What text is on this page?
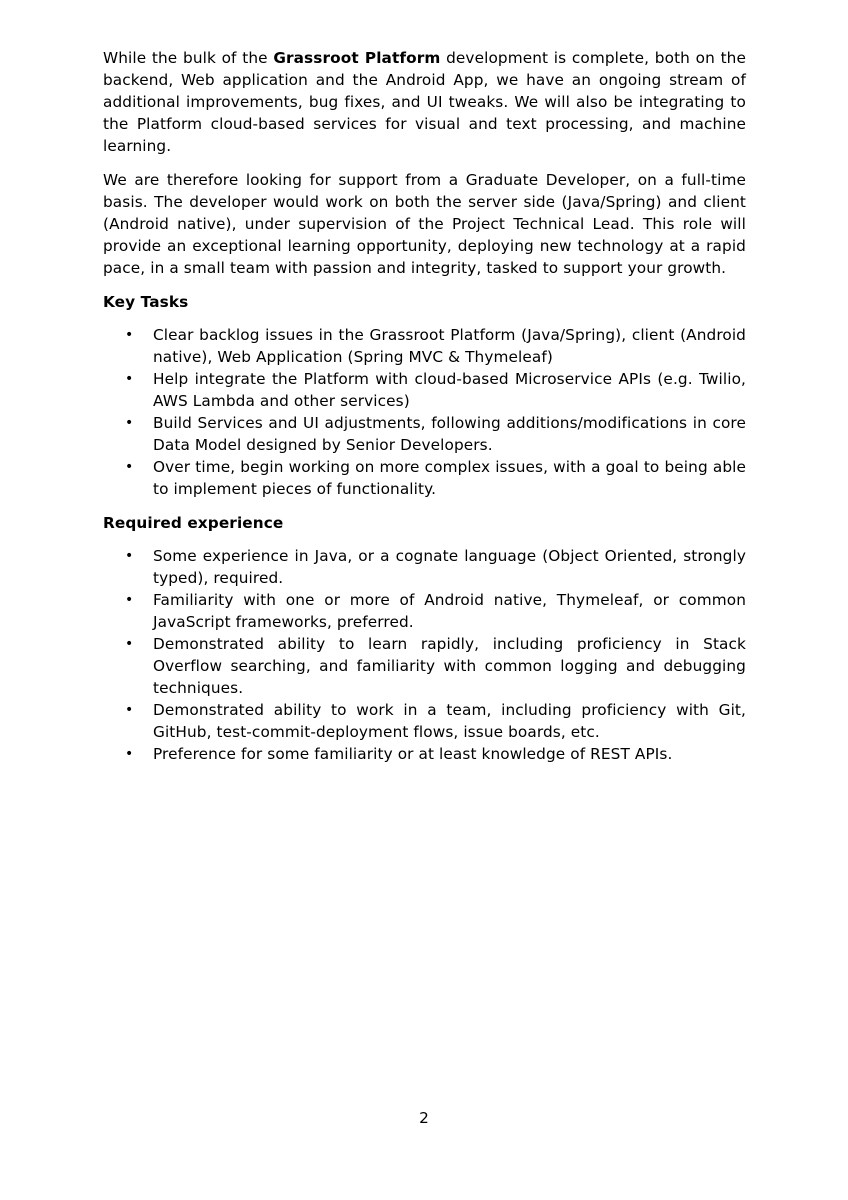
While the bulk of the Grassroot Platform development is complete, both on the backend, Web application and the Android App, we have an ongoing stream of additional improvements, bug fixes, and UI tweaks. We will also be integrating to the Platform cloud-based services for visual and text processing, and machine learning.

We are therefore looking for support from a Graduate Developer, on a full-time basis. The developer would work on both the server side (Java/Spring) and client (Android native), under supervision of the Project Technical Lead. This role will provide an exceptional learning opportunity, deploying new technology at a rapid pace, in a small team with passion and integrity, tasked to support your growth.

Key Tasks
• Clear backlog issues in the Grassroot Platform (Java/Spring), client (Android native), Web Application (Spring MVC & Thymeleaf)
• Help integrate the Platform with cloud-based Microservice APIs (e.g. Twilio, AWS Lambda and other services)
• Build Services and UI adjustments, following additions/modifications in core Data Model designed by Senior Developers.
• Over time, begin working on more complex issues, with a goal to being able to implement pieces of functionality.
Required experience
• Some experience in Java, or a cognate language (Object Oriented, strongly typed), required.
• Familiarity with one or more of Android native, Thymeleaf, or common JavaScript frameworks, preferred.
• Demonstrated ability to learn rapidly, including proficiency in Stack Overflow searching, and familiarity with common logging and debugging techniques.
• Demonstrated ability to work in a team, including proficiency with Git, GitHub, test-commit-deployment flows, issue boards, etc.
• Preference for some familiarity or at least knowledge of REST APIs.
2
